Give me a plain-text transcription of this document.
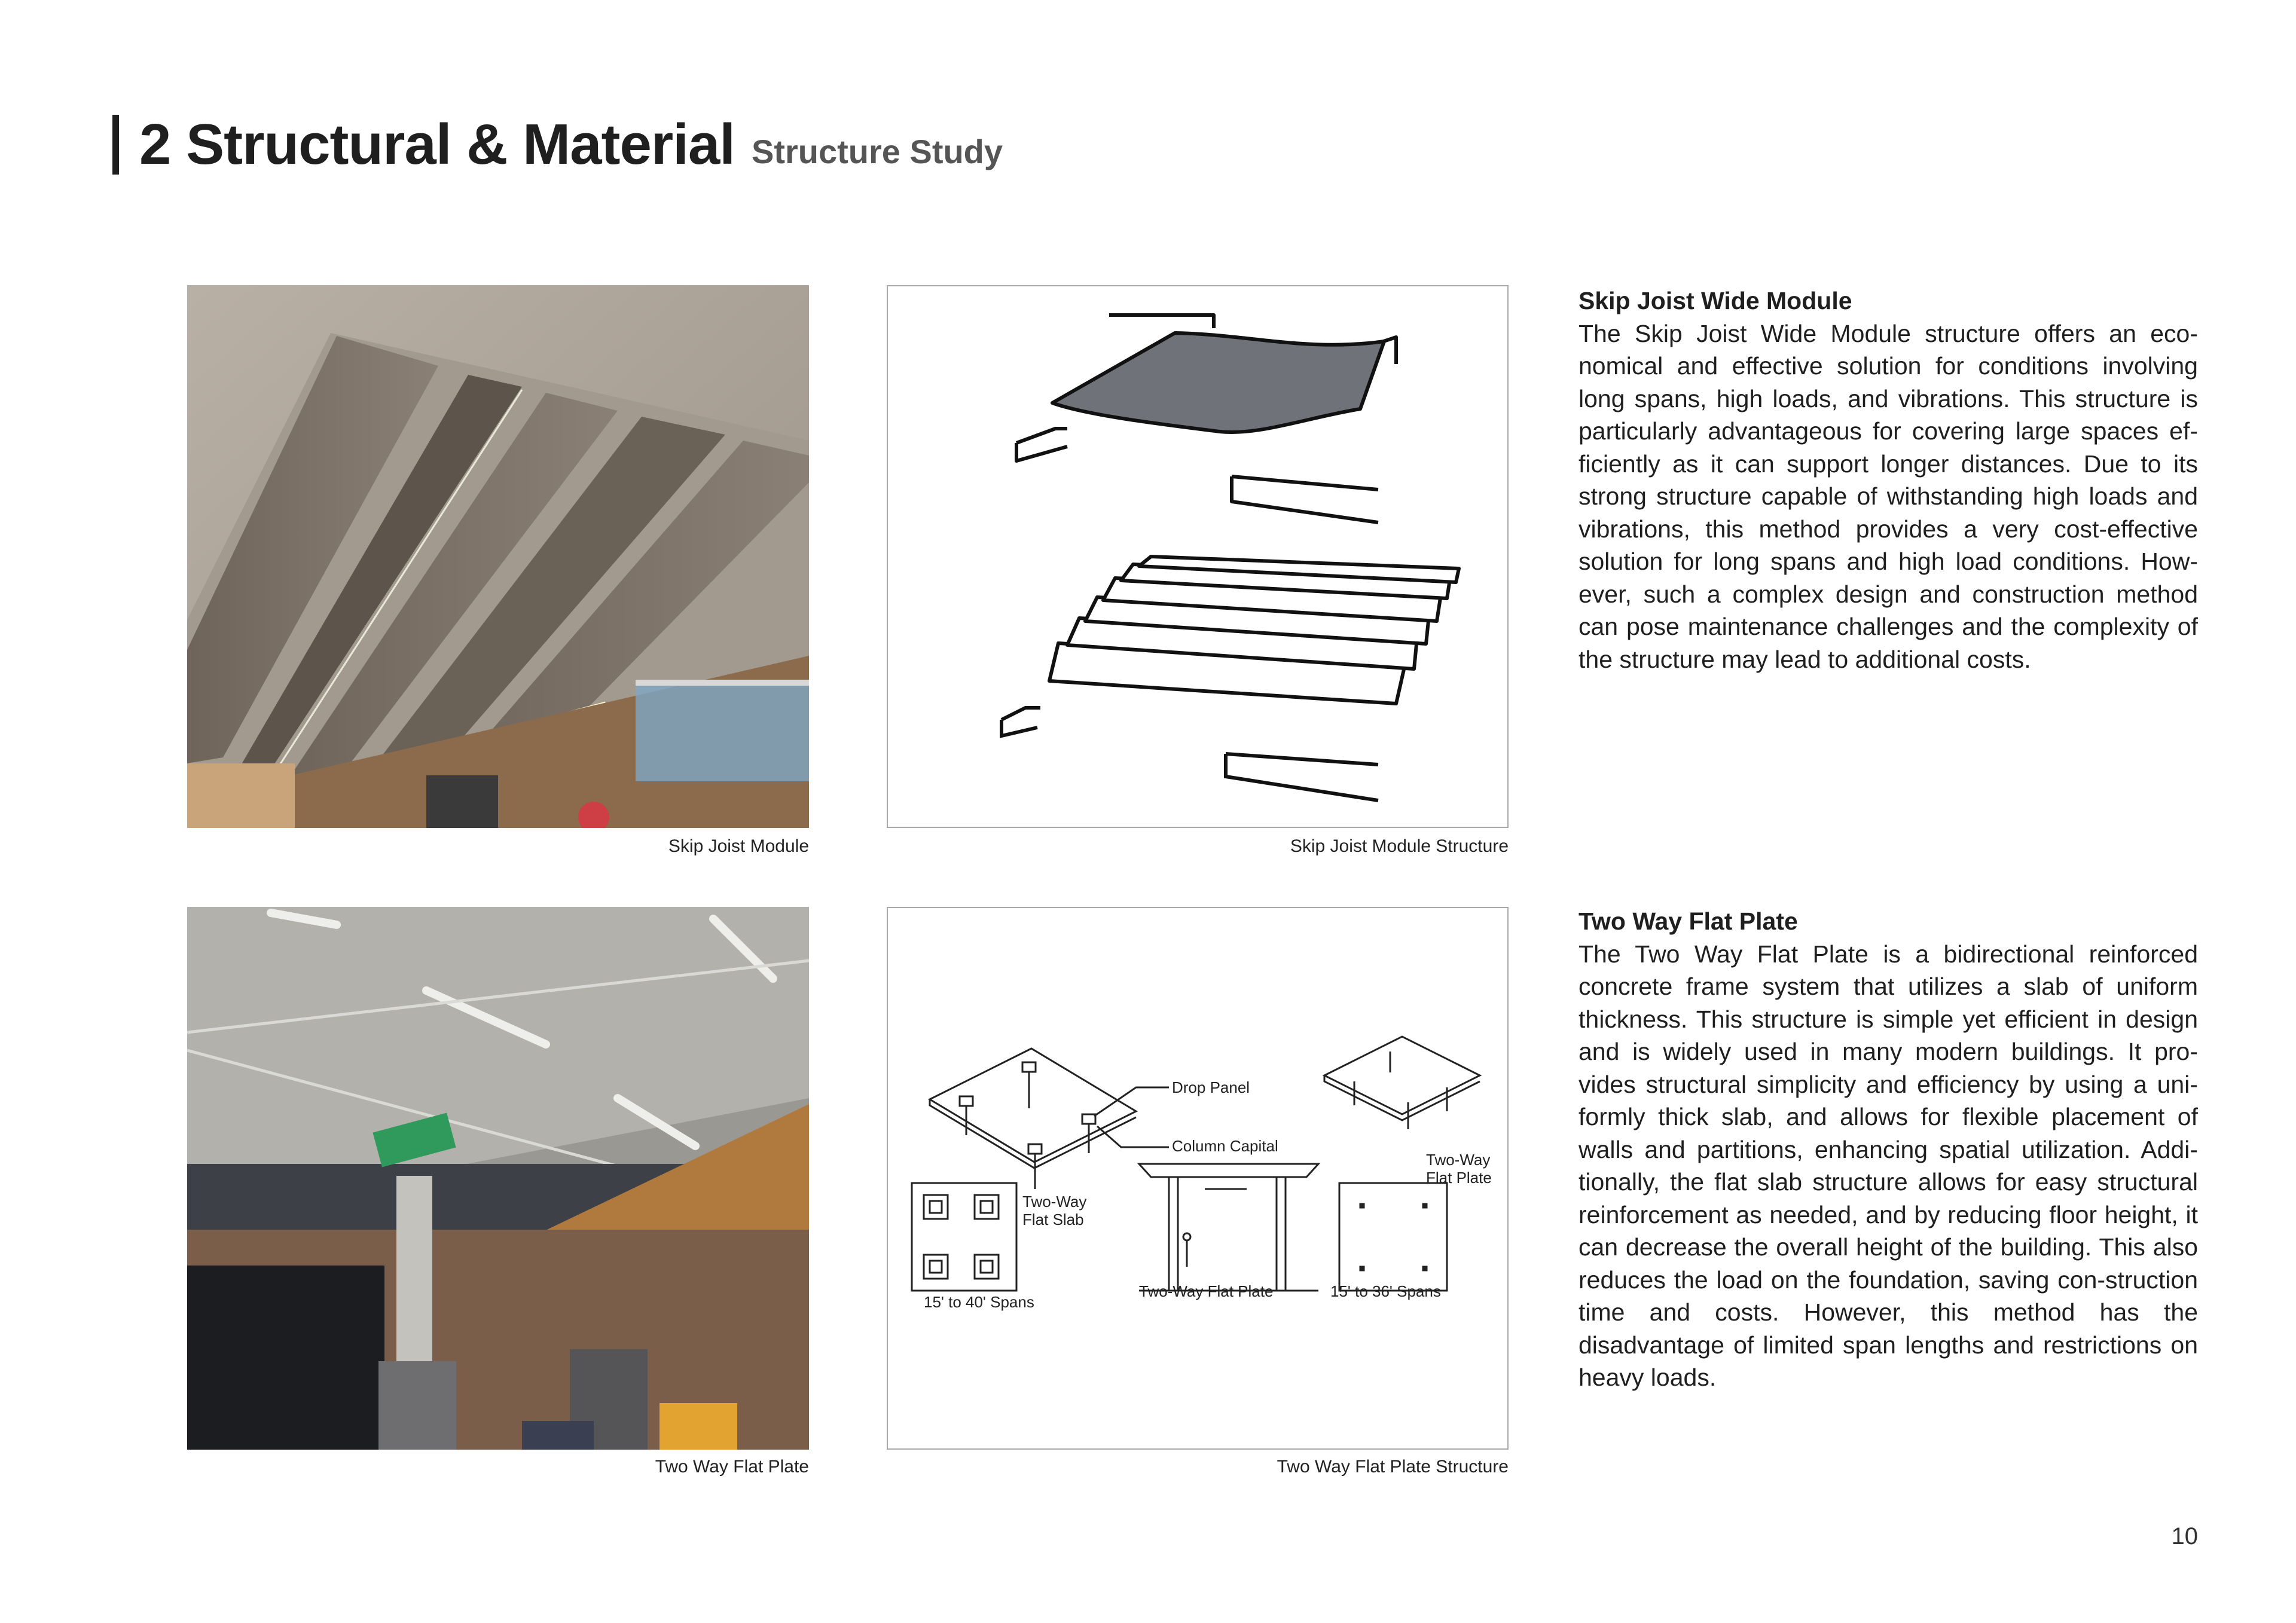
2 Structural & Material Structure Study
Skip Joist Module	Skip Joist Module Structure
Skip Joist Wide Module

The Skip Joist Wide Module structure offers an eco-nomical and effective solution for conditions involving long spans, high loads, and vibrations. This structure is particularly advantageous for covering large spaces ef-ficiently as it can support longer distances. Due to its strong structure capable of withstanding high loads and vibrations, this method provides a very cost-effective solution for long spans and high load conditions. How-ever, such a complex design and construction method can pose maintenance challenges and the complexity of the structure may lead to additional costs.

Two Way Flat Plate
Drop Panel
Column Capital
Two-Way
Flat Slab
Two-Way
Flat Plate
15' to 40' Spans
Two-Way Flat Plate	15' to 36' Spans
Two Way Flat Plate Structure
Two Way Flat Plate

The Two Way Flat Plate is a bidirectional reinforced concrete frame system that utilizes a slab of uniform thickness. This structure is simple yet efficient in design and is widely used in many modern buildings. It pro-vides structural simplicity and efficiency by using a uni-formly thick slab, and allows for flexible placement of walls and partitions, enhancing spatial utilization. Addi-tionally, the flat slab structure allows for easy structural reinforcement as needed, and by reducing floor height, it can decrease the overall height of the building. This also reduces the load on the foundation, saving con-struction time and costs. However, this method has the disadvantage of limited span lengths and restrictions on heavy loads.

10
